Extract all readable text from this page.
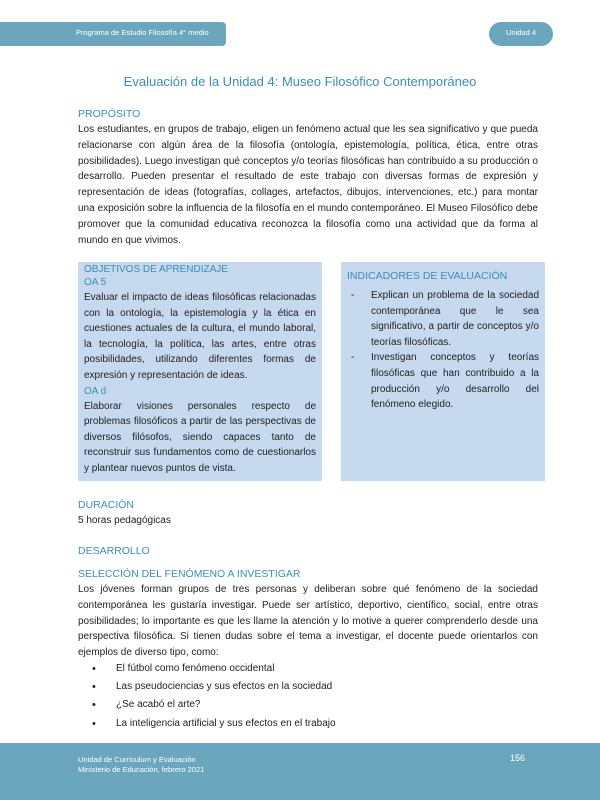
Programa de Estudio Filosofía 4° medio	Unidad 4
Evaluación de la Unidad 4: Museo Filosófico Contemporáneo
PROPÓSITO
Los estudiantes, en grupos de trabajo, eligen un fenómeno actual que les sea significativo y que pueda relacionarse con algún área de la filosofía (ontología, epistemología, política, ética, entre otras posibilidades). Luego investigan qué conceptos y/o teorías filosóficas han contribuido a su producción o desarrollo. Pueden presentar el resultado de este trabajo con diversas formas de expresión y representación de ideas (fotografías, collages, artefactos, dibujos, intervenciones, etc.) para montar una exposición sobre la influencia de la filosofía en el mundo contemporáneo. El Museo Filosófico debe promover que la comunidad educativa reconozca la filosofía como una actividad que da forma al mundo en que vivimos.
OBJETIVOS DE APRENDIZAJE
OA 5
Evaluar el impacto de ideas filosóficas relacionadas con la ontología, la epistemología y la ética en cuestiones actuales de la cultura, el mundo laboral, la tecnología, la política, las artes, entre otras posibilidades, utilizando diferentes formas de expresión y representación de ideas.
OA d
Elaborar visiones personales respecto de problemas filosóficos a partir de las perspectivas de diversos filósofos, siendo capaces tanto de reconstruir sus fundamentos como de cuestionarlos y plantear nuevos puntos de vista.
INDICADORES DE EVALUACIÓN
- Explican un problema de la sociedad contemporánea que le sea significativo, a partir de conceptos y/o teorías filosóficas.
- Investigan conceptos y teorías filosóficas que han contribuido a la producción y/o desarrollo del fenómeno elegido.
DURACIÓN
5 horas pedagógicas
DESARROLLO
SELECCIÓN DEL FENÓMENO A INVESTIGAR
Los jóvenes forman grupos de tres personas y deliberan sobre qué fenómeno de la sociedad contemporánea les gustaría investigar. Puede ser artístico, deportivo, científico, social, entre otras posibilidades; lo importante es que les llame la atención y lo motive a querer comprenderlo desde una perspectiva filosófica. Si tienen dudas sobre el tema a investigar, el docente puede orientarlos con ejemplos de diverso tipo, como:
• El fútbol como fenómeno occidental
• Las pseudociencias y sus efectos en la sociedad
• ¿Se acabó el arte?
• La inteligencia artificial y sus efectos en el trabajo
Unidad de Currículum y Evaluación
Ministerio de Educación, febrero 2021
156
